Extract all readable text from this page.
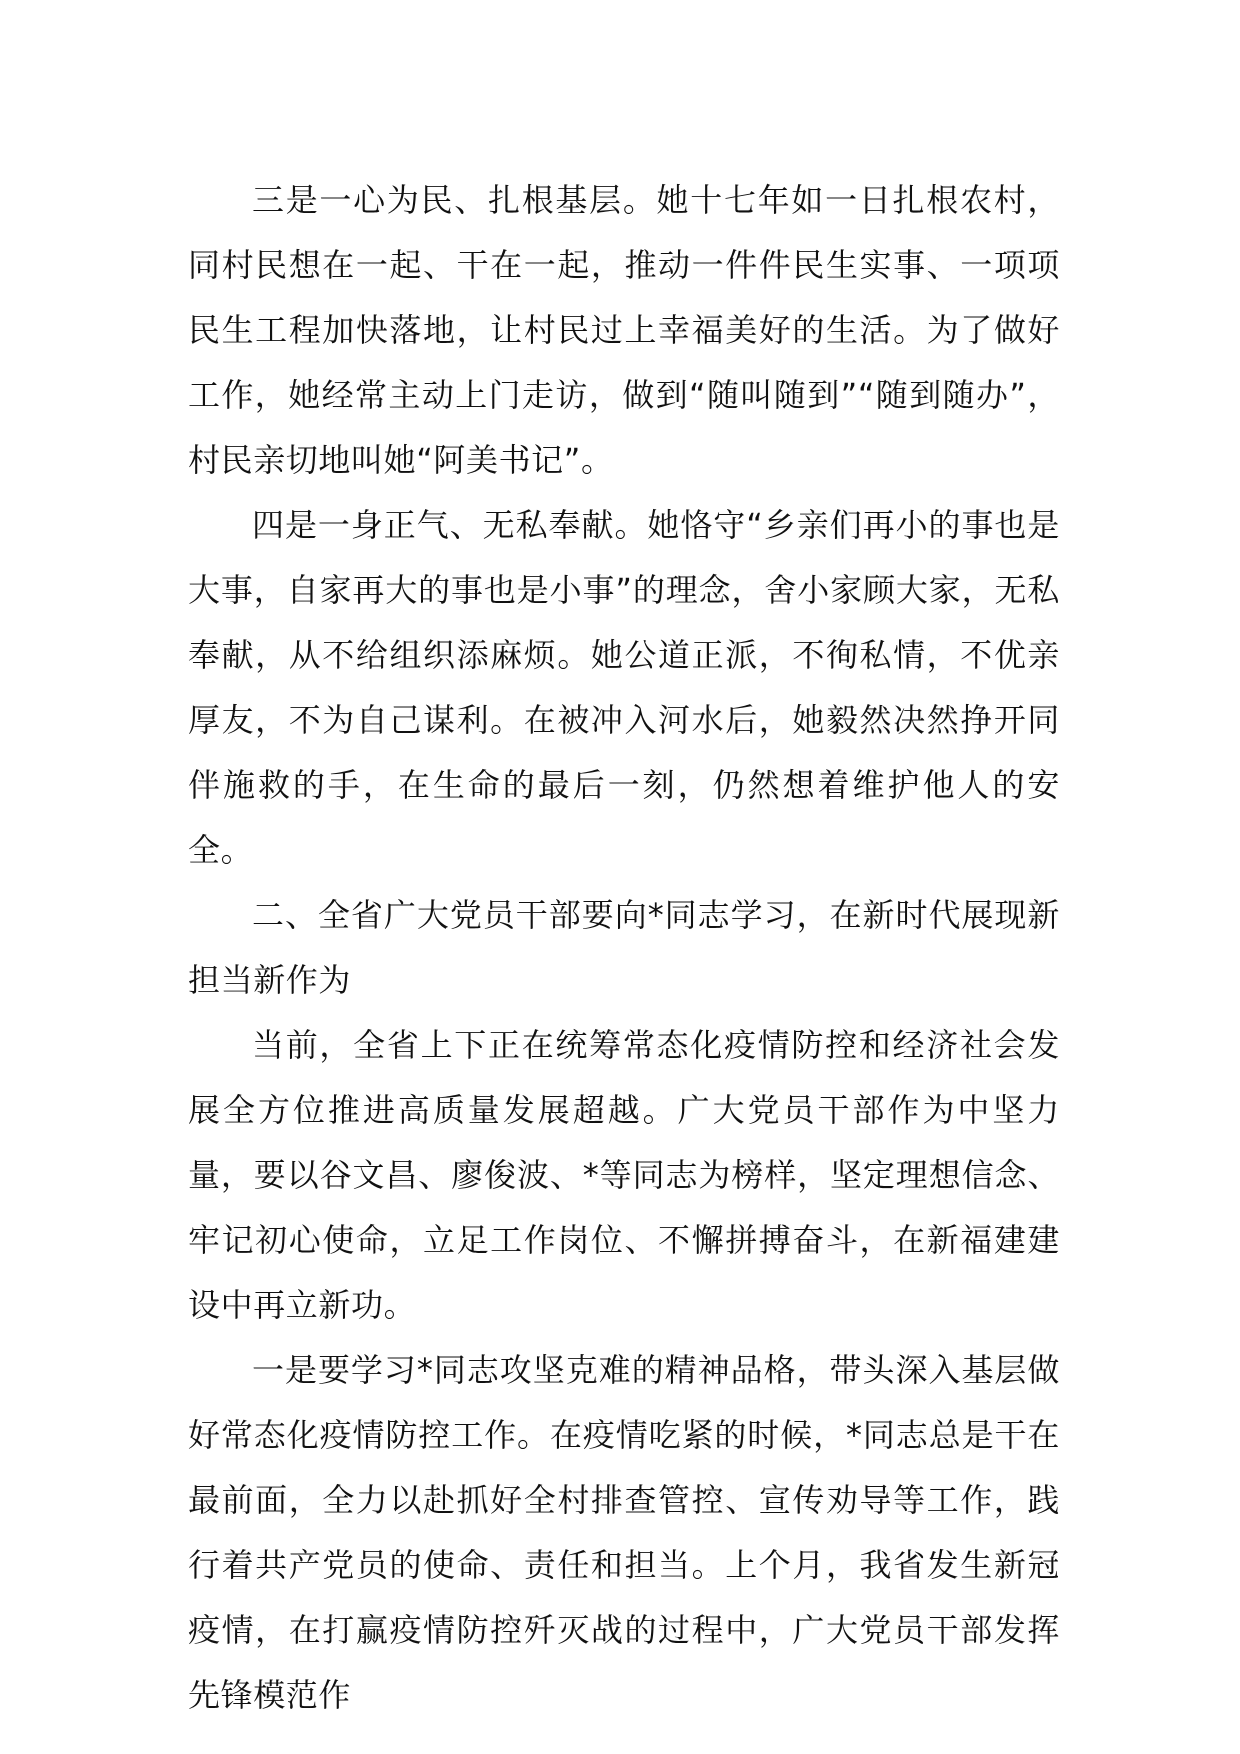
三是一心为民、扎根基层。她十七年如一日扎根农村，同村民想在一起、干在一起，推动一件件民生实事、一项项民生工程加快落地，让村民过上幸福美好的生活。为了做好工作，她经常主动上门走访，做到“随叫随到”“随到随办”，村民亲切地叫她“阿美书记”。

四是一身正气、无私奉献。她恪守“乡亲们再小的事也是大事，自家再大的事也是小事”的理念，舍小家顾大家，无私奉献，从不给组织添麻烦。她公道正派，不徇私情，不优亲厚友，不为自己谋利。在被冲入河水后，她毅然决然挣开同伴施救的手，在生命的最后一刻，仍然想着维护他人的安全。

二、全省广大党员干部要向*同志学习，在新时代展现新担当新作为

当前，全省上下正在统筹常态化疫情防控和经济社会发展全方位推进高质量发展超越。广大党员干部作为中坚力量，要以谷文昌、廖俊波、*等同志为榜样，坚定理想信念、牢记初心使命，立足工作岗位、不懈拼搏奋斗，在新福建建设中再立新功。

一是要学习*同志攻坚克难的精神品格，带头深入基层做好常态化疫情防控工作。在疫情吃紧的时候，*同志总是干在最前面，全力以赴抓好全村排查管控、宣传劝导等工作，践行着共产党员的使命、责任和担当。上个月，我省发生新冠疫情，在打赢疫情防控歼灭战的过程中，广大党员干部发挥先锋模范作
